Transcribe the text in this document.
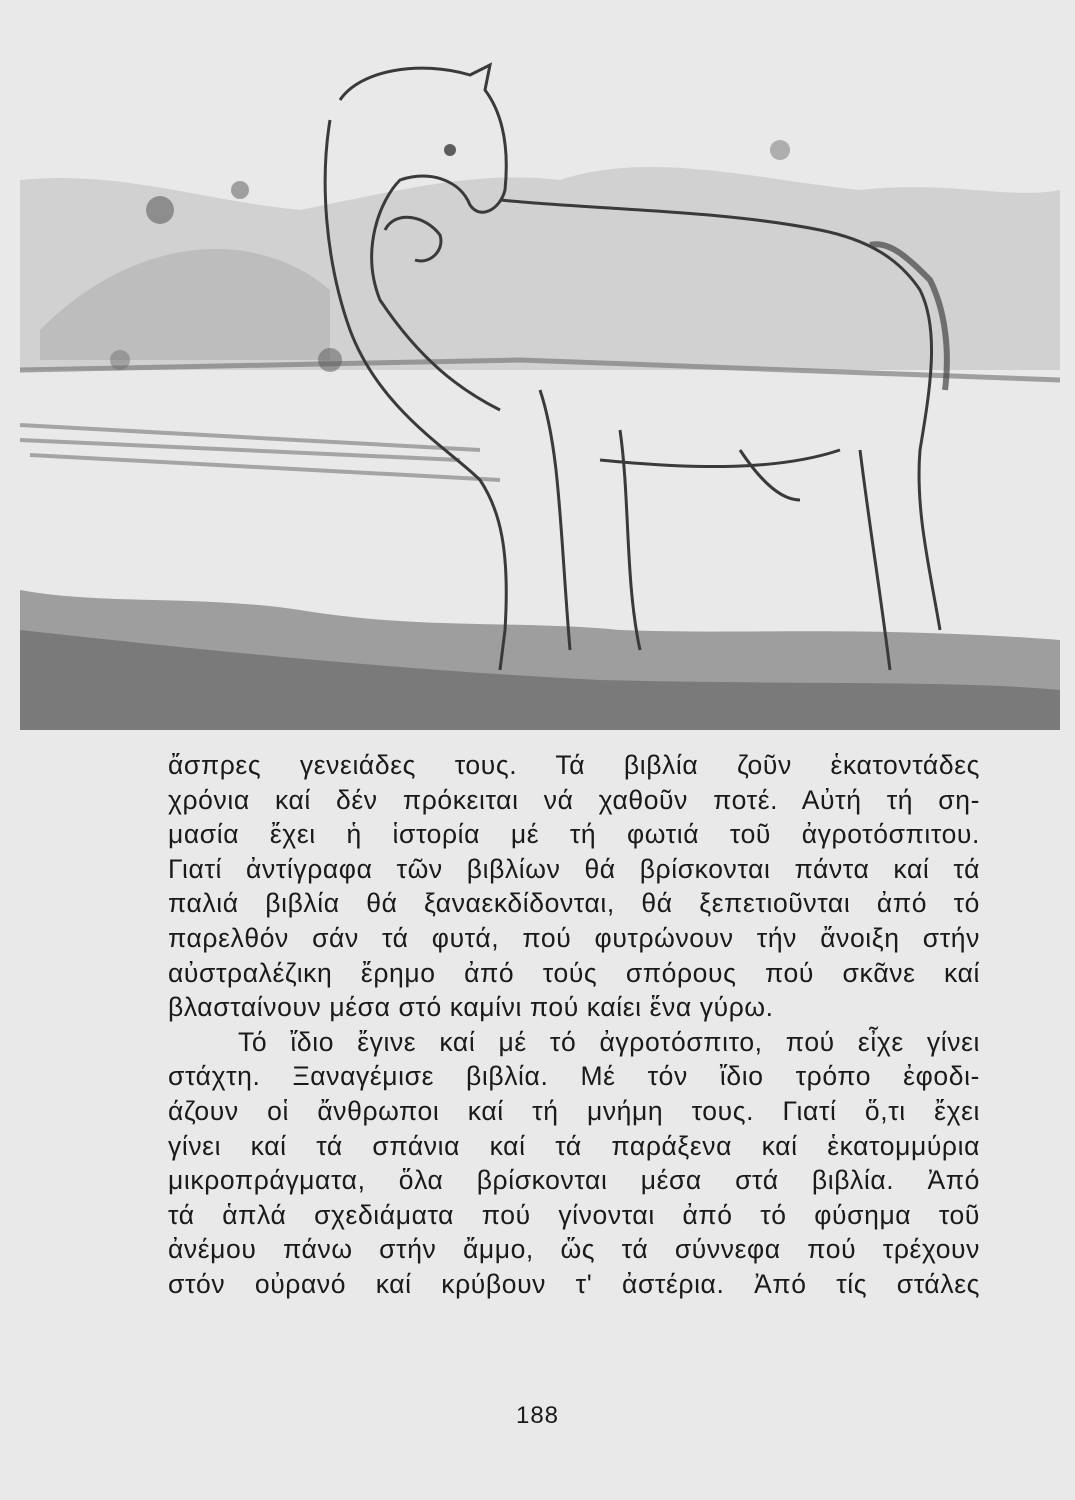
ἄσπρες γενειάδες τους. Τά βιβλία ζοῦν ἑκατοντάδες
χρόνια καί δέν πρόκειται νά χαθοῦν ποτέ. Αὐτή τή ση-
μασία ἔχει ἡ ἱστορία μέ τή φωτιά τοῦ ἀγροτόσπιτου.
Γιατί ἀντίγραφα τῶν βιβλίων θά βρίσκονται πάντα καί τά
παλιά βιβλία θά ξαναεκδίδονται, θά ξεπετιοῦνται ἀπό τό
παρελθόν σάν τά φυτά, πού φυτρώνουν τήν ἄνοιξη στήν
αὐστραλέζικη ἔρημο ἀπό τούς σπόρους πού σκᾶνε καί
βλασταίνουν μέσα στό καμίνι πού καίει ἕνα γύρω.
Τό ἴδιο ἔγινε καί μέ τό ἀγροτόσπιτο, πού εἶχε γίνει
στάχτη. Ξαναγέμισε βιβλία. Μέ τόν ἴδιο τρόπο ἐφοδι-
άζουν οἱ ἄνθρωποι καί τή μνήμη τους. Γιατί ὅ,τι ἔχει
γίνει καί τά σπάνια καί τά παράξενα καί ἑκατομμύρια
μικροπράγματα, ὅλα βρίσκονται μέσα στά βιβλία. Ἀπό
τά ἁπλά σχεδιάματα πού γίνονται ἀπό τό φύσημα τοῦ
ἀνέμου πάνω στήν ἄμμο, ὥς τά σύννεφα πού τρέχουν
στόν οὐρανό καί κρύβουν τ' ἀστέρια. Ἀπό τίς στάλες
188
